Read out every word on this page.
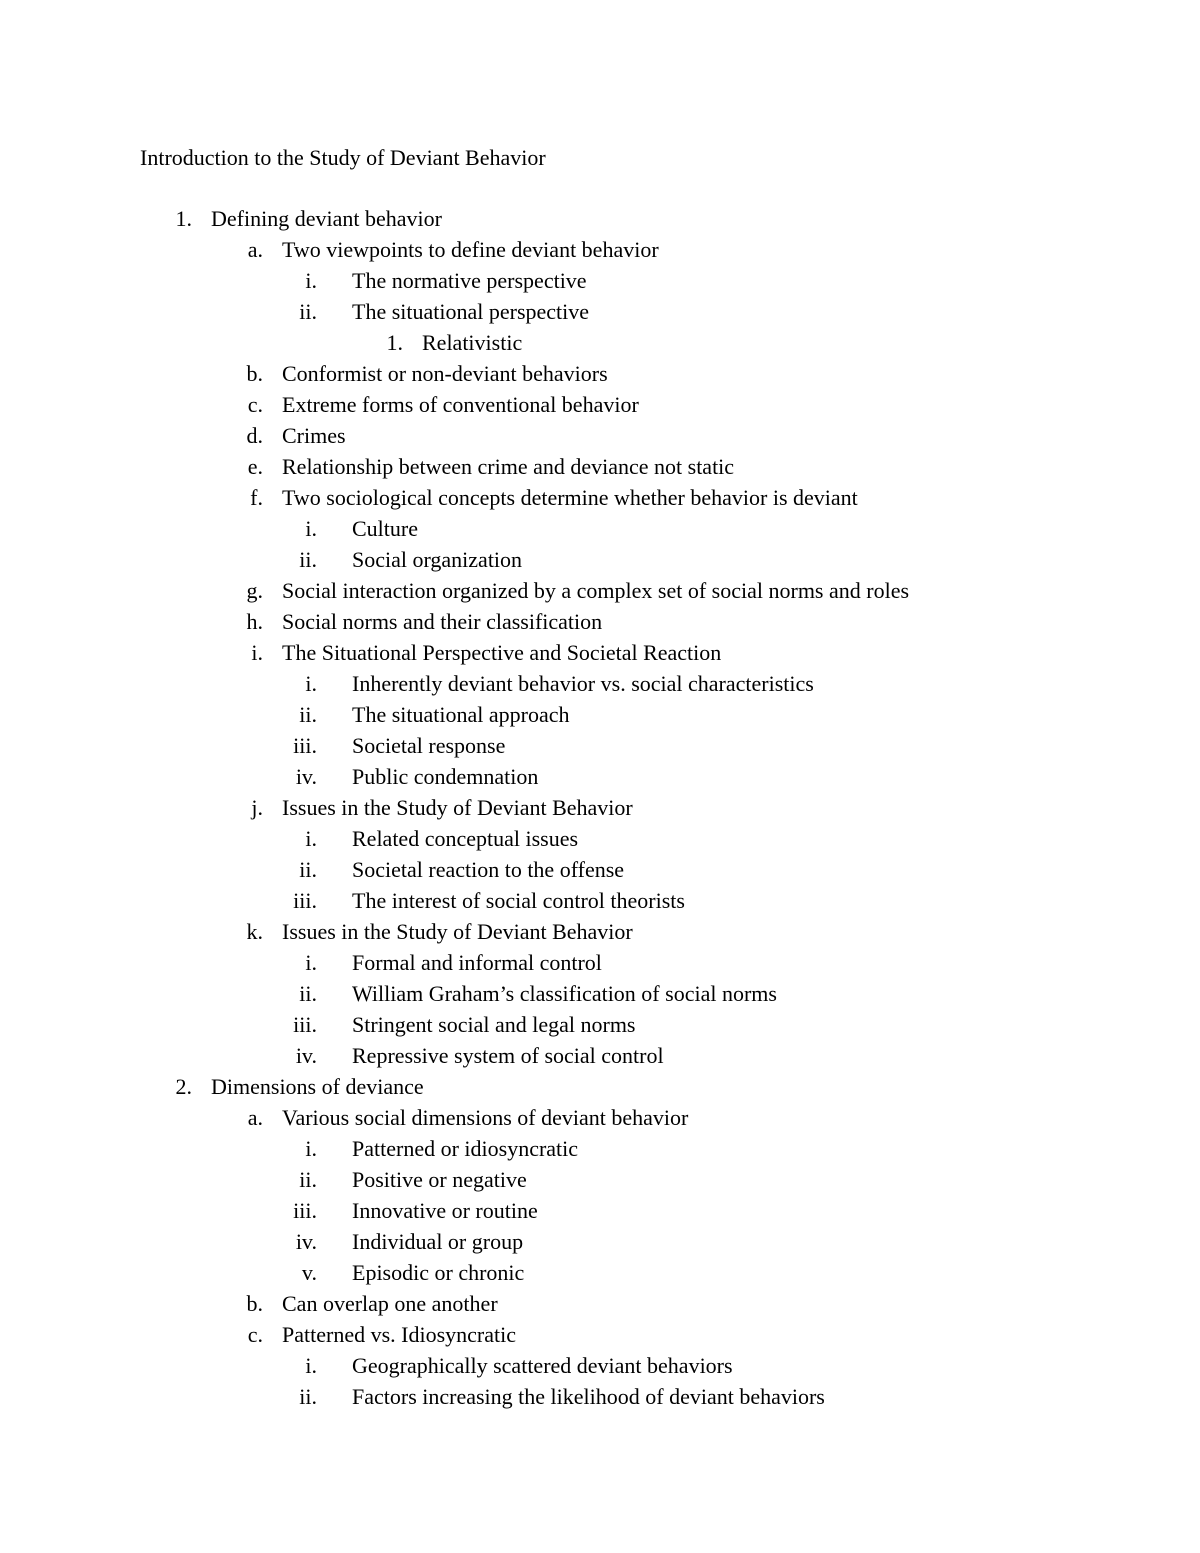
Introduction to the Study of Deviant Behavior
1. Defining deviant behavior
a. Two viewpoints to define deviant behavior
i. The normative perspective
ii. The situational perspective
1. Relativistic
b. Conformist or non-deviant behaviors
c. Extreme forms of conventional behavior
d. Crimes
e. Relationship between crime and deviance not static
f. Two sociological concepts determine whether behavior is deviant
i. Culture
ii. Social organization
g. Social interaction organized by a complex set of social norms and roles
h. Social norms and their classification
i. The Situational Perspective and Societal Reaction
i. Inherently deviant behavior vs. social characteristics
ii. The situational approach
iii. Societal response
iv. Public condemnation
j. Issues in the Study of Deviant Behavior
i. Related conceptual issues
ii. Societal reaction to the offense
iii. The interest of social control theorists
k. Issues in the Study of Deviant Behavior
i. Formal and informal control
ii. William Graham’s classification of social norms
iii. Stringent social and legal norms
iv. Repressive system of social control
2. Dimensions of deviance
a. Various social dimensions of deviant behavior
i. Patterned or idiosyncratic
ii. Positive or negative
iii. Innovative or routine
iv. Individual or group
v. Episodic or chronic
b. Can overlap one another
c. Patterned vs. Idiosyncratic
i. Geographically scattered deviant behaviors
ii. Factors increasing the likelihood of deviant behaviors
